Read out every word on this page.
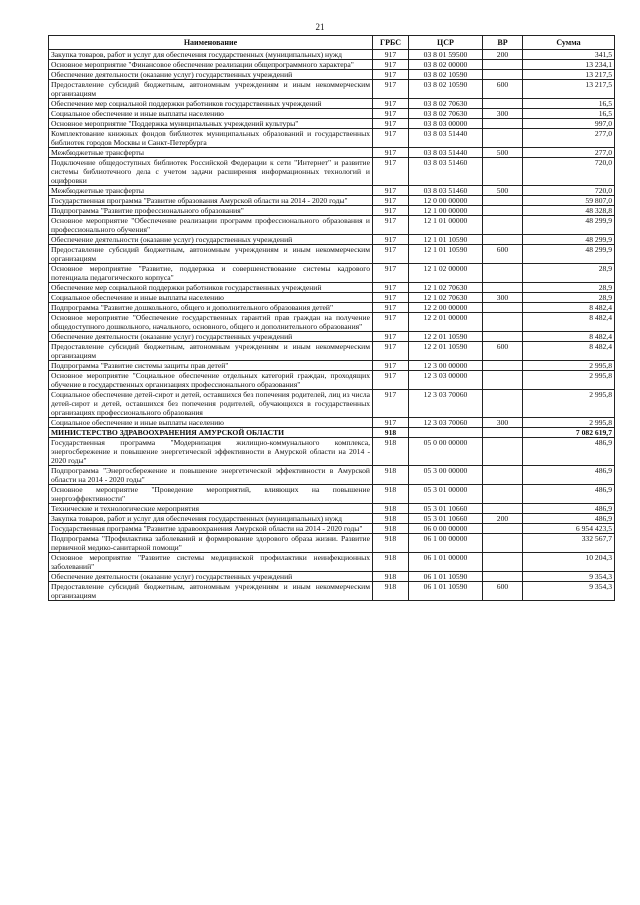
21
Наименование	ГРБС	ЦСР	ВР	Сумма
Закупка товаров, работ и услуг для обеспечения государственных (муниципальных) нужд	917	03 8 01 59500	200	341,5
Основное мероприятие "Финансовое обеспечение реализации общепрограммного характера"	917	03 8 02 00000		13 234,1
Обеспечение деятельности (оказание услуг) государственных учреждений	917	03 8 02 10590		13 217,5
Предоставление субсидий бюджетным, автономным учреждениям и иным некоммерческим организациям	917	03 8 02 10590	600	13 217,5
Обеспечение мер социальной поддержки работников государственных учреждений	917	03 8 02 70630		16,5
Социальное обеспечение и иные выплаты населению	917	03 8 02 70630	300	16,5
Основное мероприятие "Поддержка муниципальных учреждений культуры"	917	03 8 03 00000		997,0
Комплектование книжных фондов библиотек муниципальных образований и государственных библиотек городов Москвы и Санкт-Петербурга	917	03 8 03 51440		277,0
Межбюджетные трансферты	917	03 8 03 51440	500	277,0
Подключение общедоступных библиотек Российской Федерации к сети "Интернет" и развитие системы библиотечного дела с учетом задачи расширения информационных технологий и оцифровки	917	03 8 03 51460		720,0
Межбюджетные трансферты	917	03 8 03 51460	500	720,0
Государственная программа "Развитие образования Амурской области на 2014 - 2020 годы"	917	12 0 00 00000		59 807,0
Подпрограмма "Развитие профессионального образования"	917	12 1 00 00000		48 328,8
Основное мероприятие "Обеспечение реализации программ профессионального образования и профессионального обучения"	917	12 1 01 00000		48 299,9
Обеспечение деятельности (оказание услуг) государственных учреждений	917	12 1 01 10590		48 299,9
Предоставление субсидий бюджетным, автономным учреждениям и иным некоммерческим организациям	917	12 1 01 10590	600	48 299,9
Основное мероприятие "Развитие, поддержка и совершенствование системы кадрового потенциала педагогического корпуса"	917	12 1 02 00000		28,9
Обеспечение мер социальной поддержки работников государственных учреждений	917	12 1 02 70630		28,9
Социальное обеспечение и иные выплаты населению	917	12 1 02 70630	300	28,9
Подпрограмма "Развитие дошкольного, общего и дополнительного образования детей"	917	12 2 00 00000		8 482,4
Основное мероприятие "Обеспечение государственных гарантий прав граждан на получение общедоступного дошкольного, начального, основного, общего и дополнительного образования"	917	12 2 01 00000		8 482,4
Обеспечение деятельности (оказание услуг) государственных учреждений	917	12 2 01 10590		8 482,4
Предоставление субсидий бюджетным, автономным учреждениям и иным некоммерческим организациям	917	12 2 01 10590	600	8 482,4
Подпрограмма "Развитие системы защиты прав детей"	917	12 3 00 00000		2 995,8
Основное мероприятие "Социальное обеспечение отдельных категорий граждан, проходящих обучение в государственных организациях профессионального образования"	917	12 3 03 00000		2 995,8
Социальное обеспечение детей-сирот и детей, оставшихся без попечения родителей, лиц из числа детей-сирот и детей, оставшихся без попечения родителей, обучающихся в государственных организациях профессионального образования	917	12 3 03 70060		2 995,8
Социальное обеспечение и иные выплаты населению	917	12 3 03 70060	300	2 995,8
МИНИСТЕРСТВО ЗДРАВООХРАНЕНИЯ АМУРСКОЙ ОБЛАСТИ	918			7 082 619,7
Государственная программа "Модернизация жилищно-коммунального комплекса, энергосбережение и повышение энергетической эффективности в Амурской области на 2014 - 2020 годы"	918	05 0 00 00000		486,9
Подпрограмма "Энергосбережение и повышение энергетической эффективности в Амурской области на 2014 - 2020 годы"	918	05 3 00 00000		486,9
Основное мероприятие "Проведение мероприятий, влияющих на повышение энергоэффективности"	918	05 3 01 00000		486,9
Технические и технологические мероприятия	918	05 3 01 10660		486,9
Закупка товаров, работ и услуг для обеспечения государственных (муниципальных) нужд	918	05 3 01 10660	200	486,9
Государственная программа "Развитие здравоохранения Амурской области на 2014 - 2020 годы"	918	06 0 00 00000		6 954 423,5
Подпрограмма "Профилактика заболеваний и формирование здорового образа жизни. Развитие первичной медико-санитарной помощи"	918	06 1 00 00000		332 567,7
Основное мероприятие "Развитие системы медицинской профилактики неинфекционных заболеваний"	918	06 1 01 00000		10 204,3
Обеспечение деятельности (оказание услуг) государственных учреждений	918	06 1 01 10590		9 354,3
Предоставление субсидий бюджетным, автономным учреждениям и иным некоммерческим организациям	918	06 1 01 10590	600	9 354,3
